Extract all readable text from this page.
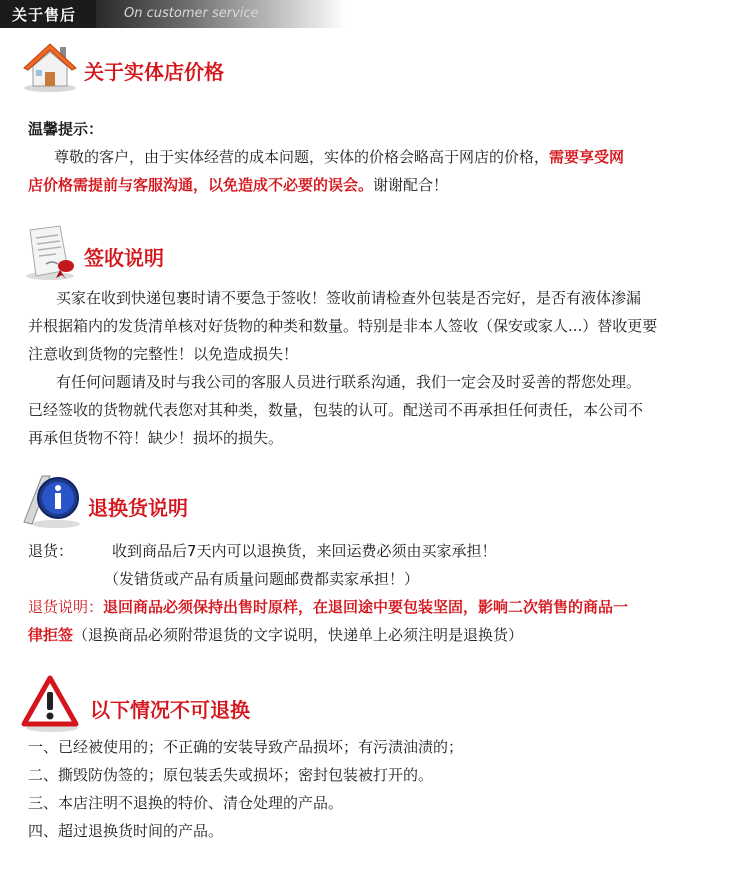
关于售后	On customer service
关于实体店价格
温馨提示：
尊敬的客户，由于实体经营的成本问题，实体的价格会略高于网店的价格，需要享受网
店价格需提前与客服沟通，以免造成不必要的误会。谢谢配合！
签收说明
买家在收到快递包裹时请不要急于签收！签收前请检查外包装是否完好，是否有液体渗漏
并根据箱内的发货清单核对好货物的种类和数量。特别是非本人签收（保安或家人...）替收更要
注意收到货物的完整性！以免造成损失！
有任何问题请及时与我公司的客服人员进行联系沟通，我们一定会及时妥善的帮您处理。
已经签收的货物就代表您对其种类，数量，包装的认可。配送司不再承担任何责任，本公司不
再承但货物不符！缺少！损坏的损失。
退换货说明
退货：	收到商品后7天内可以退换货，来回运费必须由买家承担！
（发错货或产品有质量问题邮费都卖家承担！）
退货说明：退回商品必须保持出售时原样，在退回途中要包装坚固，影响二次销售的商品一
律拒签（退换商品必须附带退货的文字说明，快递单上必须注明是退换货）
以下情况不可退换
一、已经被使用的；不正确的安装导致产品损坏；有污渍油渍的；
二、撕毁防伪签的；原包装丢失或损坏；密封包装被打开的。
三、本店注明不退换的特价、清仓处理的产品。
四、超过退换货时间的产品。
